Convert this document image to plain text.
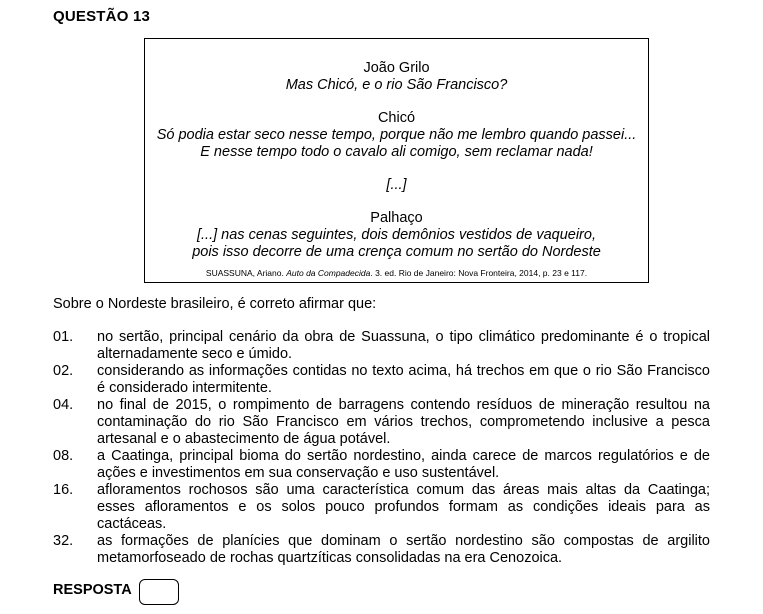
QUESTÃO 13

João Grilo

Mas Chicó, e o rio São Francisco?

Chicó

Só podia estar seco nesse tempo, porque não me lembro quando passei...

E nesse tempo todo o cavalo ali comigo, sem reclamar nada!

[...]

Palhaço

[...] nas cenas seguintes, dois demônios vestidos de vaqueiro,

pois isso decorre de uma crença comum no sertão do Nordeste

SUASSUNA, Ariano. Auto da Compadecida. 3. ed. Rio de Janeiro: Nova Fronteira, 2014, p. 23 e 117.
Sobre o Nordeste brasileiro, é correto afirmar que:
01.	no sertão, principal cenário da obra de Suassuna, o tipo climático predominante é o tropical alternadamente seco e úmido.
02.	considerando as informações contidas no texto acima, há trechos em que o rio São Francisco é considerado intermitente.
04.	no final de 2015, o rompimento de barragens contendo resíduos de mineração resultou na contaminação do rio São Francisco em vários trechos, comprometendo inclusive a pesca artesanal e o abastecimento de água potável.
08.	a Caatinga, principal bioma do sertão nordestino, ainda carece de marcos regulatórios e de ações e investimentos em sua conservação e uso sustentável.
16.	afloramentos rochosos são uma característica comum das áreas mais altas da Caatinga; esses afloramentos e os solos pouco profundos formam as condições ideais para as cactáceas.
32.	as formações de planícies que dominam o sertão nordestino são compostas de argilito metamorfoseado de rochas quartzíticas consolidadas na era Cenozoica.
RESPOSTA
